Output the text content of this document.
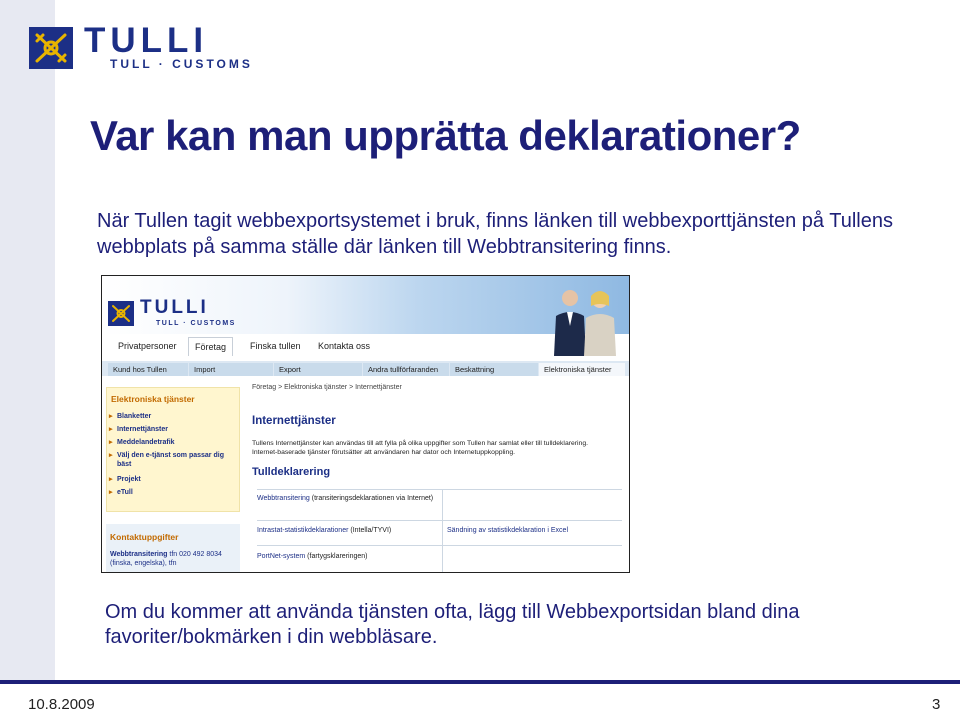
TULLI
TULL · CUSTOMS
Var kan man upprätta deklarationer?
När Tullen tagit webbexportsystemet i bruk, finns länken till webbexporttjänsten på Tullens webbplats på samma ställe där länken till Webbtransitering finns.
TULLI
TULL · CUSTOMS
Privatpersoner	Företag	Finska tullen Kontakta oss
Kund hos Tullen	Import	Export	Andra tullförfaranden	Beskattning	Elektroniska tjänster
Elektroniska tjänster
▸ Blanketter
▸ Internettjänster
▸ Meddelandetrafik
▸ Välj den e-tjänst som passar dig bäst
▸ Projekt
▸ eTull
Kontaktuppgifter
Webbtransitering tfn 020 492 8034 (finska, engelska), tfn
Företag > Elektroniska tjänster > Internettjänster
Internettjänster
Tullens Internettjänster kan användas till att fylla på olika uppgifter som Tullen har samlat eller till tulldeklarering. Internet-baserade tjänster förutsätter att användaren har dator och Internetuppkoppling.
Tulldeklarering
Webbtransitering (transiteringsdeklarationen via Internet)
Intrastat-statistikdeklarationer (Intella/TYVI)	Sändning av statistikdeklaration i Excel
PortNet-system (fartygsklareringen)
Om du kommer att använda tjänsten ofta, lägg till Webbexportsidan bland dina favoriter/bokmärken i din webbläsare.
10.8.2009	3
